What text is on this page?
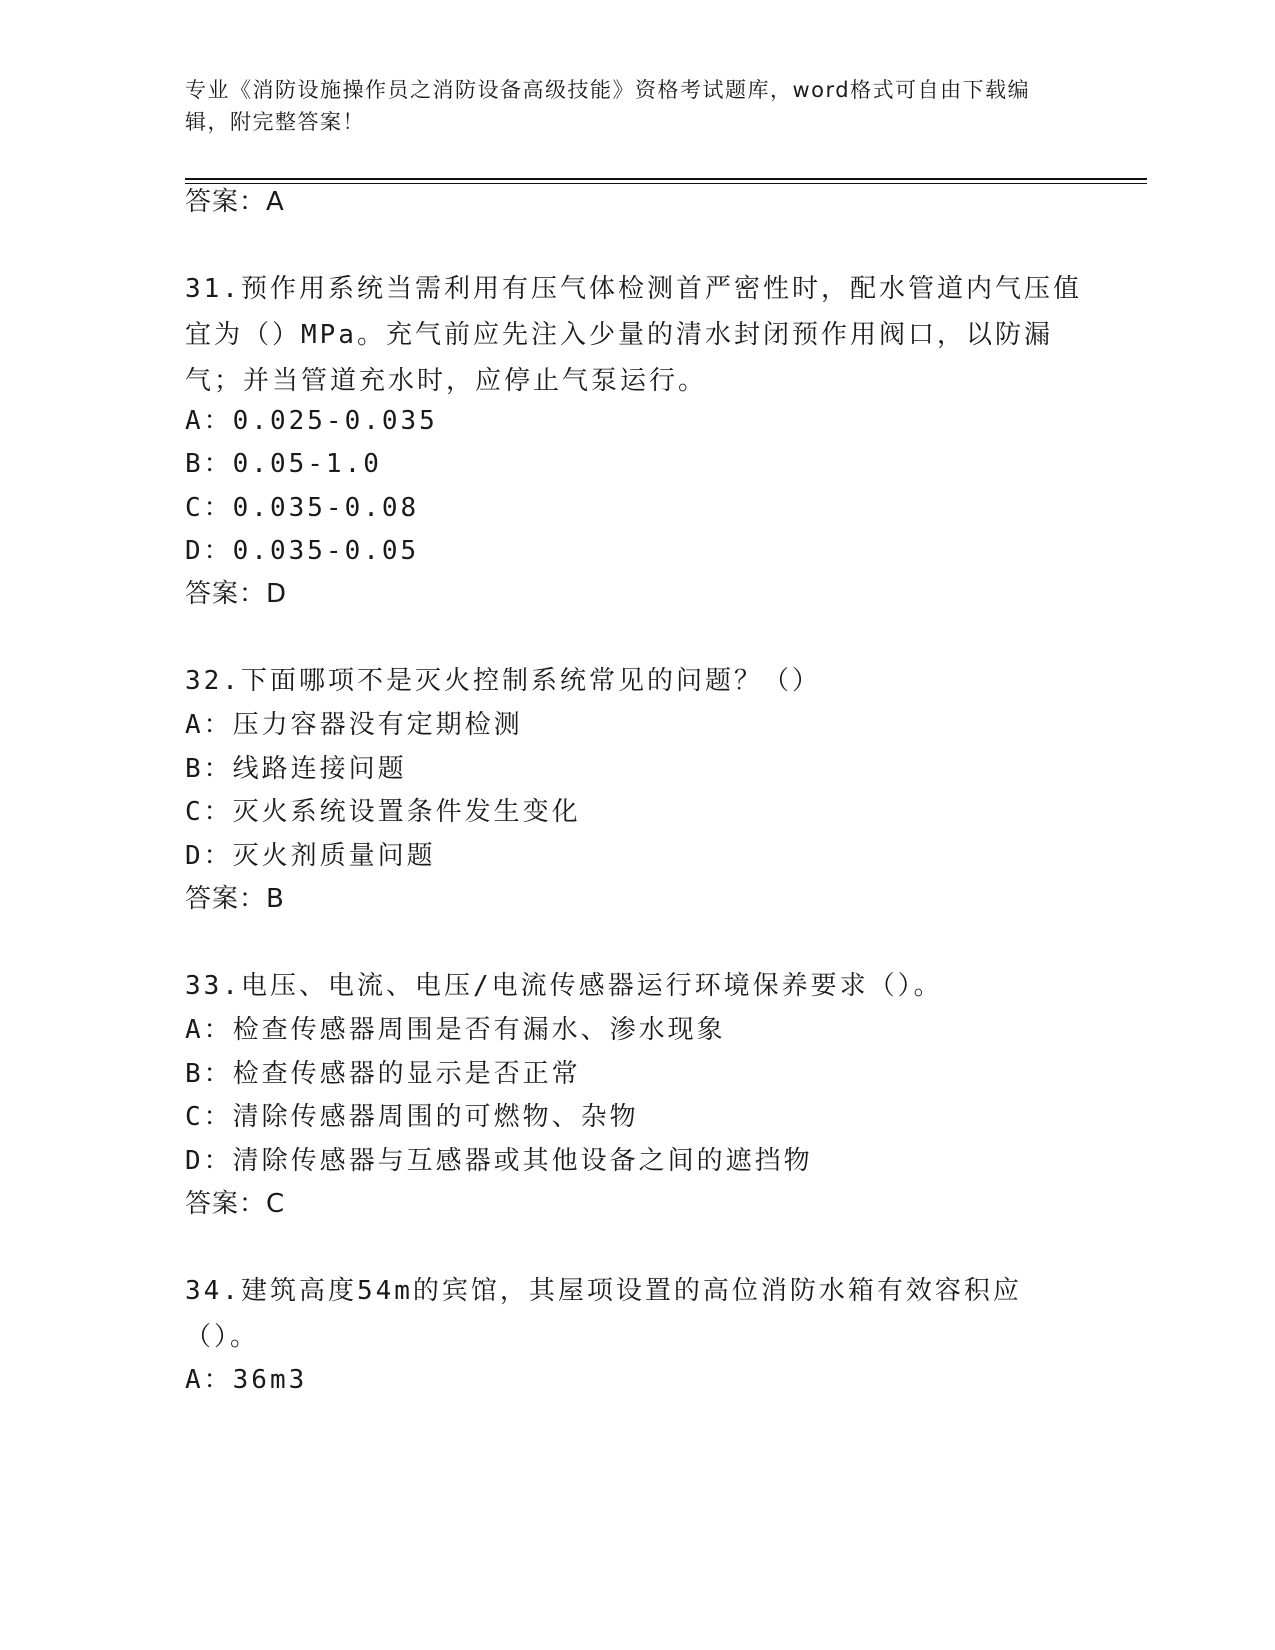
专业《消防设施操作员之消防设备高级技能》资格考试题库，word格式可自由下载编辑，附完整答案！
答案：A
31.预作用系统当需利用有压气体检测首严密性时，配水管道内气压值宜为（）MPa。充气前应先注入少量的清水封闭预作用阀口，以防漏气；并当管道充水时，应停止气泵运行。
A：0.025-0.035
B：0.05-1.0
C：0.035-0.08
D：0.035-0.05
答案：D
32.下面哪项不是灭火控制系统常见的问题？（）
A：压力容器没有定期检测
B：线路连接问题
C：灭火系统设置条件发生变化
D：灭火剂质量问题
答案：B
33.电压、电流、电压/电流传感器运行环境保养要求（）。
A：检查传感器周围是否有漏水、渗水现象
B：检查传感器的显示是否正常
C：清除传感器周围的可燃物、杂物
D：清除传感器与互感器或其他设备之间的遮挡物
答案：C
34.建筑高度54m的宾馆，其屋项设置的高位消防水箱有效容积应（）。
A：36m3
